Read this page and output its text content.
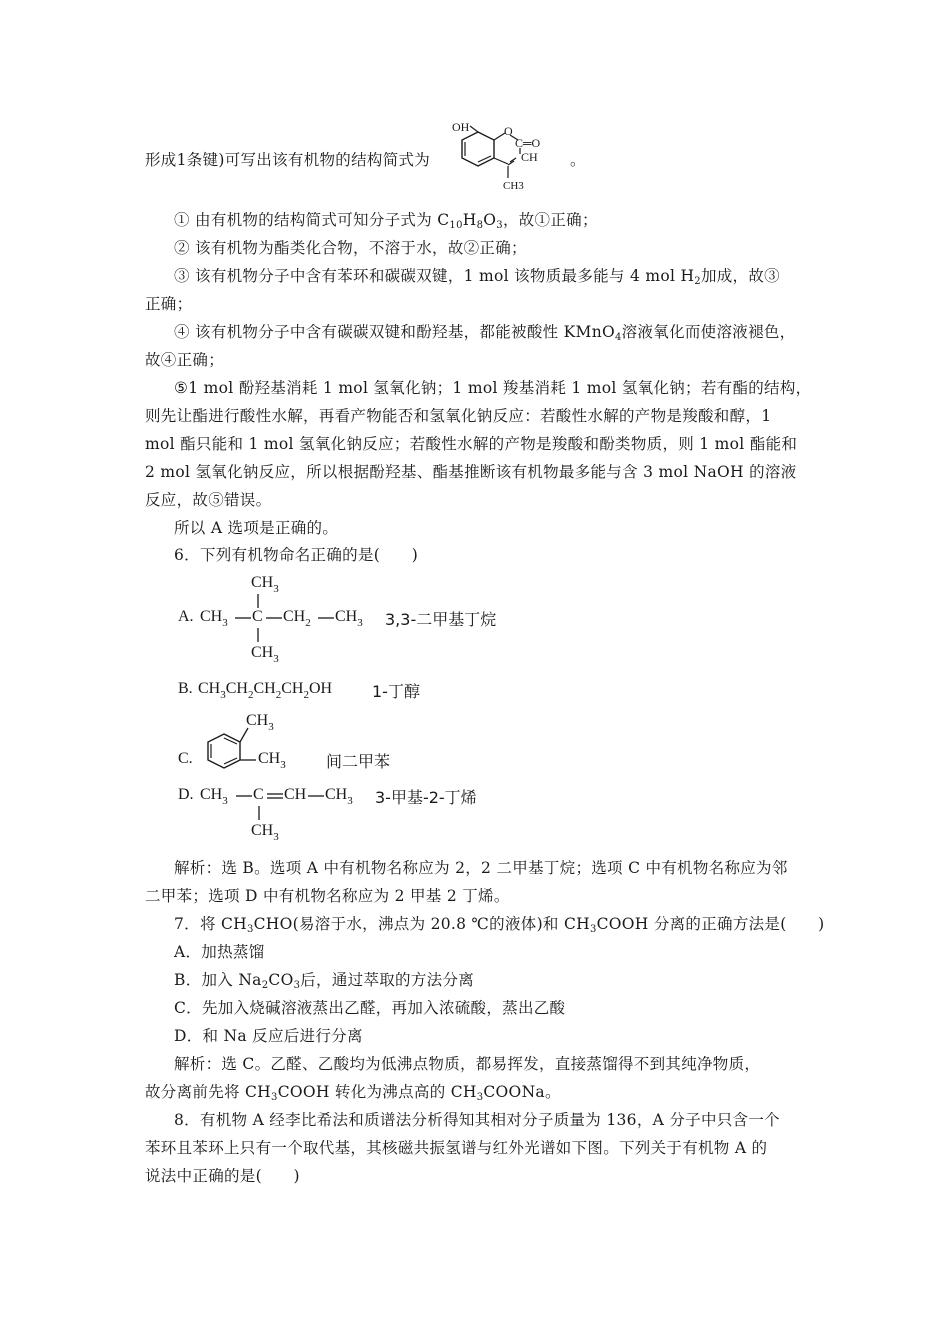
形成1条键)可写出该有机物的结构简式为	。
OH	O
C═O
CH
CH3
① 由有机物的结构简式可知分子式为 $C_{10}H_8O_3$，故①正确；
② 该有机物为酯类化合物，不溶于水，故②正确；
③ 该有机物分子中含有苯环和碳碳双键，1 mol 该物质最多能与 4 mol $H_2$加成，故③
正确；
④ 该有机物分子中含有碳碳双键和酚羟基，都能被酸性 KMnO$_4$溶液氧化而使溶液褪色，
故④正确；
⑤1 mol 酚羟基消耗 1 mol 氢氧化钠；1 mol 羧基消耗 1 mol 氢氧化钠；若有酯的结构，
则先让酯进行酸性水解，再看产物能否和氢氧化钠反应：若酸性水解的产物是羧酸和醇，1
mol 酯只能和 1 mol 氢氧化钠反应；若酸性水解的产物是羧酸和酚类物质，则 1 mol 酯能和
2 mol 氢氧化钠反应，所以根据酚羟基、酯基推断该有机物最多能与含 3 mol NaOH 的溶液
反应，故⑤错误。
所以 A 选项是正确的。
6．下列有机物命名正确的是(　　)
$CH_3$
A. $CH_3$ C $CH_2$ $CH_3$ 3,3-二甲基丁烷
$CH_3$
B. $CH_3CH_2CH_2CH_2OH$ 1-丁醇
C.
$CH_3$
$CH_3$	间二甲苯
D. $CH_3$ C CH $CH_3$ 3-甲基-2-丁烯
$CH_3$
解析：选 B。选项 A 中有机物名称应为 2，2 二甲基丁烷；选项 C 中有机物名称应为邻
二甲苯；选项 D 中有机物名称应为 2 甲基 2 丁烯。
7．将 $CH_3CHO$(易溶于水，沸点为 20.8 ℃的液体)和 $CH_3COOH$ 分离的正确方法是(　　)
A．加热蒸馏
B．加入 $Na_2CO_3$后，通过萃取的方法分离
C．先加入烧碱溶液蒸出乙醛，再加入浓硫酸，蒸出乙酸
D．和 Na 反应后进行分离
解析：选 C。乙醛、乙酸均为低沸点物质，都易挥发，直接蒸馏得不到其纯净物质，
故分离前先将 $CH_3COOH$ 转化为沸点高的 $CH_3COONa$。
8．有机物 A 经李比希法和质谱法分析得知其相对分子质量为 136，A 分子中只含一个
苯环且苯环上只有一个取代基，其核磁共振氢谱与红外光谱如下图。下列关于有机物 A 的
说法中正确的是(　　)
